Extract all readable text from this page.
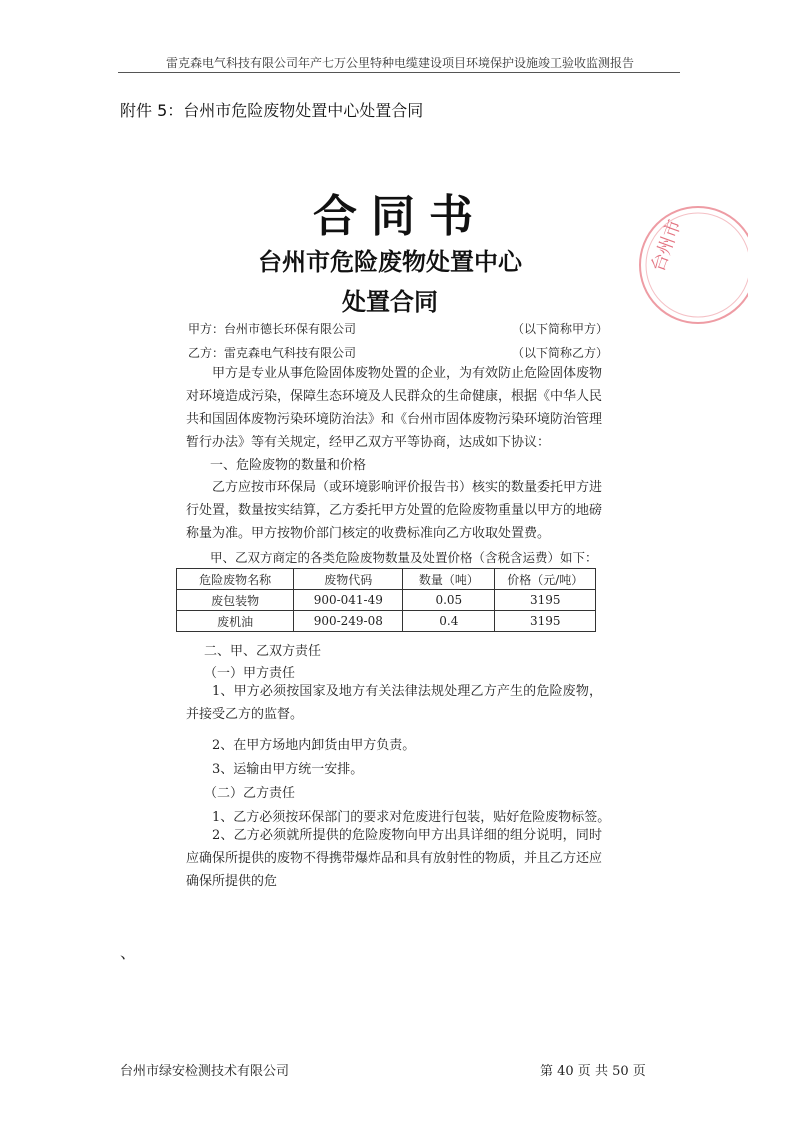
雷克森电气科技有限公司年产七万公里特种电缆建设项目环境保护设施竣工验收监测报告
附件 5：台州市危险废物处置中心处置合同
合同书
台州市危险废物处置中心
处置合同
台州市
甲方：台州市德长环保有限公司	（以下简称甲方）
乙方：雷克森电气科技有限公司	（以下简称乙方）

甲方是专业从事危险固体废物处置的企业，为有效防止危险固体废物对环境造成污染，保障生态环境及人民群众的生命健康，根据《中华人民共和国固体废物污染环境防治法》和《台州市固体废物污染环境防治管理暂行办法》等有关规定，经甲乙双方平等协商，达成如下协议：

一、危险废物的数量和价格

乙方应按市环保局（或环境影响评价报告书）核实的数量委托甲方进行处置，数量按实结算，乙方委托甲方处置的危险废物重量以甲方的地磅称量为准。甲方按物价部门核定的收费标准向乙方收取处置费。

甲、乙双方商定的各类危险废物数量及处置价格（含税含运费）如下：
危险废物名称	废物代码	数量（吨）	价格（元/吨）
废包装物	900-041-49	0.05	3195
废机油	900-249-08	0.4	3195
二、甲、乙双方责任
（一）甲方责任

1、甲方必须按国家及地方有关法律法规处理乙方产生的危险废物，并接受乙方的监督。

2、在甲方场地内卸货由甲方负责。
3、运输由甲方统一安排。
（二）乙方责任
1、乙方必须按环保部门的要求对危废进行包装，贴好危险废物标签。

2、乙方必须就所提供的危险废物向甲方出具详细的组分说明，同时应确保所提供的废物不得携带爆炸品和具有放射性的物质，并且乙方还应确保所提供的危

、
台州市绿安检测技术有限公司	第 40 页 共 50 页
